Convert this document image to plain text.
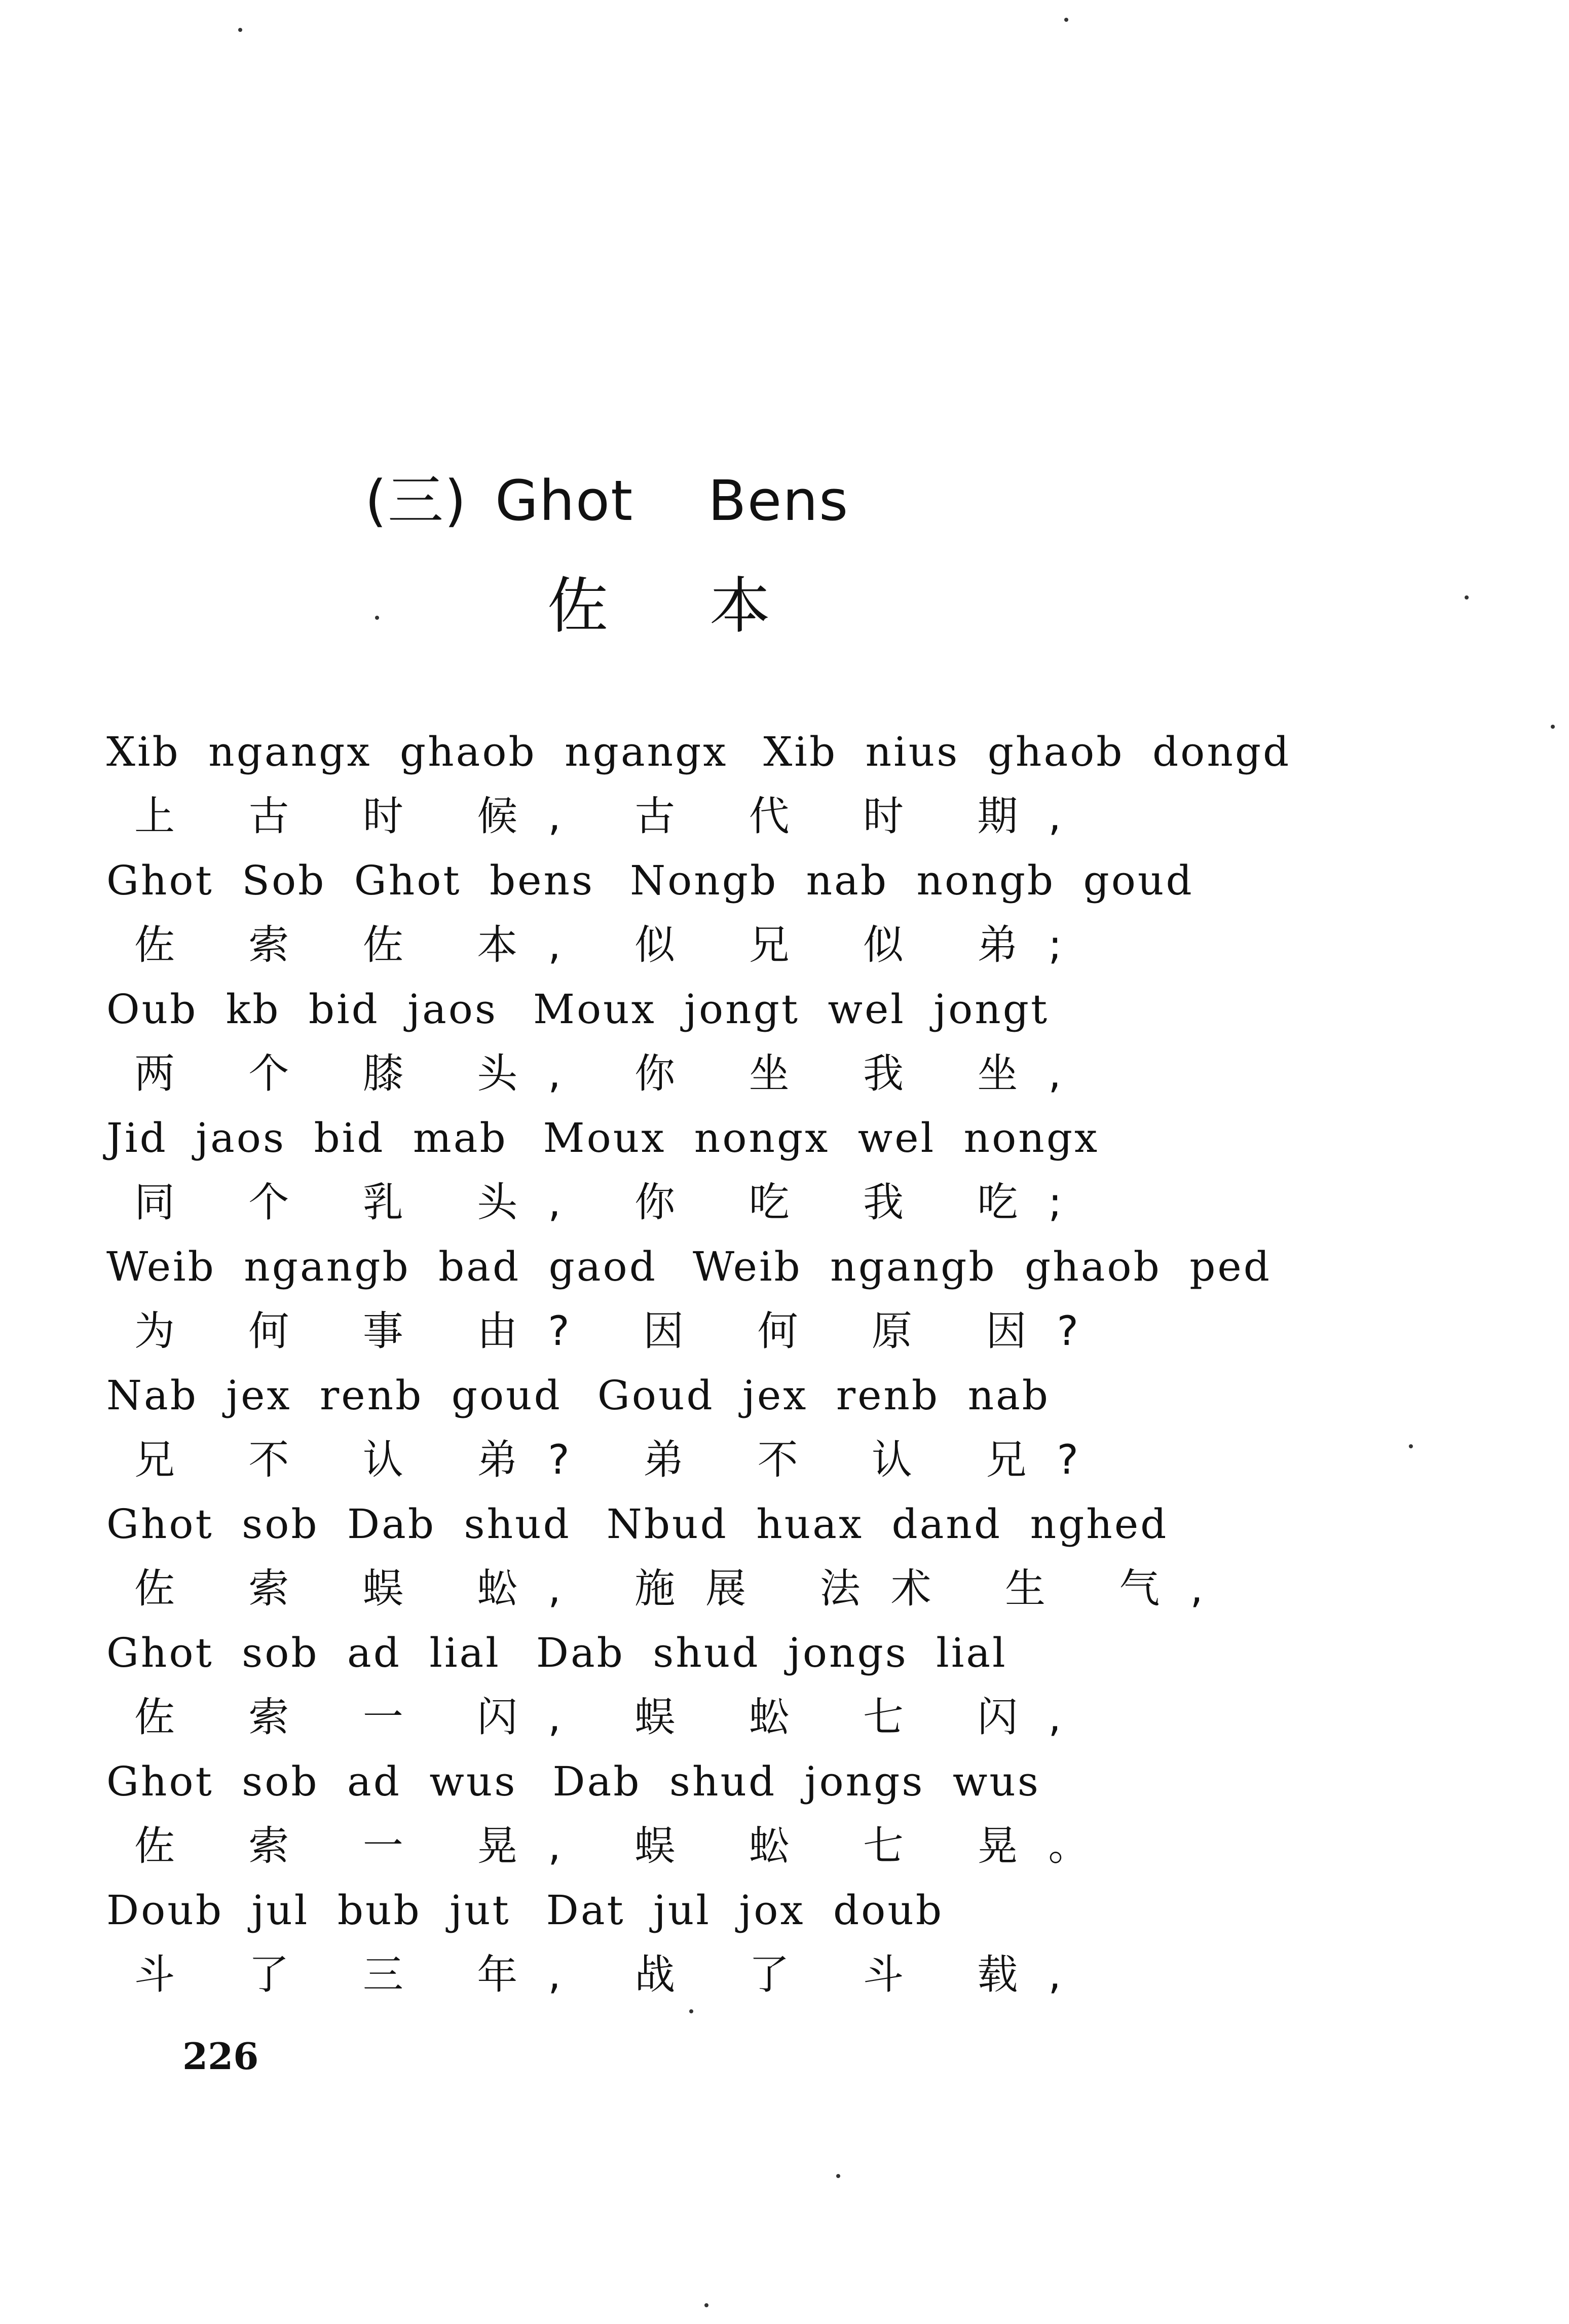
(三) Ghot Bens
佐本
Xib ngangx ghaob ngangx Xib nius ghaob dongd
上 古 时 候, 古 代 时 期,
Ghot Sob Ghot bens Nongb nab nongb goud
佐 索 佐 本, 似 兄 似 弟;
Oub kb bid jaos Moux jongt wel jongt
两 个 膝 头, 你 坐 我 坐,
Jid jaos bid mab Moux nongx wel nongx
同 个 乳 头, 你 吃 我 吃;
Weib ngangb bad gaod Weib ngangb ghaob ped
为 何 事 由? 因 何 原 因?
Nab jex renb goud Goud jex renb nab
兄 不 认 弟? 弟 不 认 兄?
Ghot sob Dab shud Nbud huax dand nghed
佐 索 蜈 蚣, 施展 法术 生 气,
Ghot sob ad lial Dab shud jongs lial
佐 索 一 闪, 蜈 蚣 七 闪,
Ghot sob ad wus Dab shud jongs wus
佐 索 一 晃, 蜈 蚣 七 晃。
Doub jul bub jut Dat jul jox doub
斗 了 三 年, 战 了 斗 载,
226
